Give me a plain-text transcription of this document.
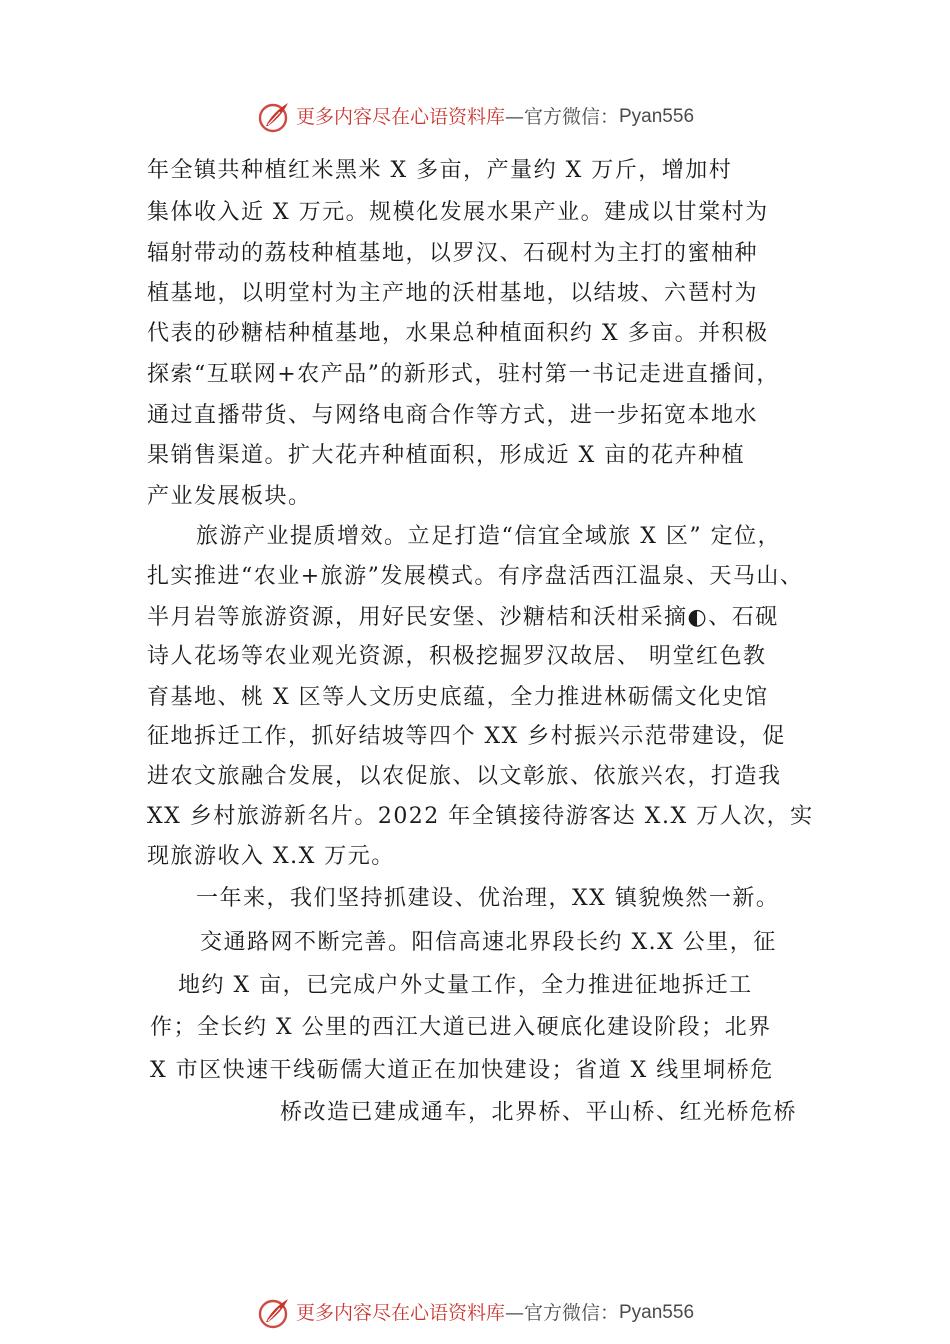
更多内容尽在心语资料库 — 官方微信： Pyan556
年全镇共种植红米黑米 X 多亩，产量约 X 万斤，增加村
集体收入近 X 万元。规模化发展水果产业。建成以甘棠村为
辐射带动的荔枝种植基地，以罗汉、石砚村为主打的蜜柚种
植基地，以明堂村为主产地的沃柑基地，以结坡、六琶村为
代表的砂糖桔种植基地，水果总种植面积约 X 多亩。并积极
探索“互联网+农产品”的新形式，驻村第一书记走进直播间，
通过直播带货、与网络电商合作等方式，进一步拓宽本地水
果销售渠道。扩大花卉种植面积，形成近 X 亩的花卉种植
产业发展板块。
旅游产业提质增效。立足打造“信宜全域旅 X 区” 定位，
扎实推进“农业+旅游”发展模式。有序盘活西江温泉、天马山、
半月岩等旅游资源，用好民安堡、沙糖桔和沃柑采摘◐、石砚
诗人花场等农业观光资源，积极挖掘罗汉故居、 明堂红色教
育基地、桃 X 区等人文历史底蕴，全力推进林砺儒文化史馆
征地拆迁工作，抓好结坡等四个 XX 乡村振兴示范带建设，促
进农文旅融合发展，以农促旅、以文彰旅、依旅兴农，打造我
XX 乡村旅游新名片。2022 年全镇接待游客达 X.X 万人次，实
现旅游收入 X.X 万元。
一年来，我们坚持抓建设、优治理，XX 镇貌焕然一新。
交通路网不断完善。阳信高速北界段长约 X.X 公里，征
地约 X 亩，已完成户外丈量工作，全力推进征地拆迁工
作；全长约 X 公里的西江大道已进入硬底化建设阶段；北界
X 市区快速干线砺儒大道正在加快建设；省道 X 线里垌桥危
桥改造已建成通车，北界桥、平山桥、红光桥危桥
更多内容尽在心语资料库 — 官方微信： Pyan556
